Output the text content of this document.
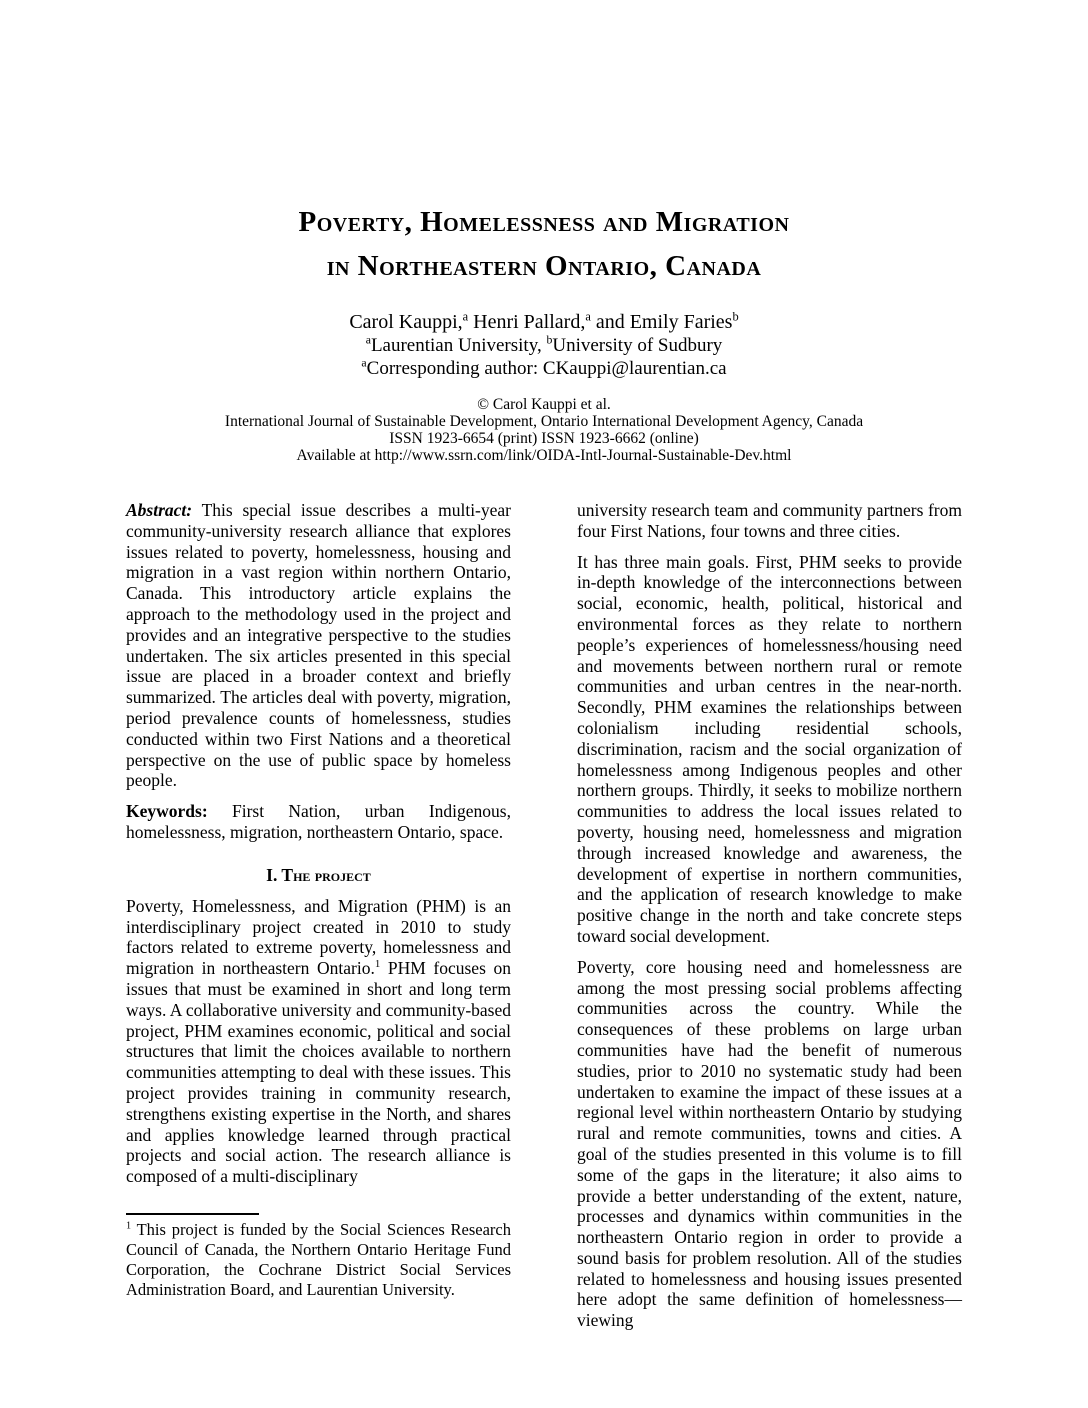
Poverty, Homelessness and Migration
in Northeastern Ontario, Canada
Carol Kauppi,$^a$ Henri Pallard,$^a$ and Emily Faries$^b$
$^a$Laurentian University, $^b$University of Sudbury
$^a$Corresponding author: CKauppi@laurentian.ca
© Carol Kauppi et al.
International Journal of Sustainable Development, Ontario International Development Agency, Canada
ISSN 1923-6654 (print) ISSN 1923-6662 (online)
Available at http://www.ssrn.com/link/OIDA-Intl-Journal-Sustainable-Dev.html

Abstract: This special issue describes a multi-year community-university research alliance that explores issues related to poverty, homelessness, housing and migration in a vast region within northern Ontario, Canada. This introductory article explains the approach to the methodology used in the project and provides and an integrative perspective to the studies undertaken. The six articles presented in this special issue are placed in a broader context and briefly summarized. The articles deal with poverty, migration, period prevalence counts of homelessness, studies conducted within two First Nations and a theoretical perspective on the use of public space by homeless people.

Keywords: First Nation, urban Indigenous, homelessness, migration, northeastern Ontario, space.

I. The project

Poverty, Homelessness, and Migration (PHM) is an interdisciplinary project created in 2010 to study factors related to extreme poverty, homelessness and migration in northeastern Ontario.$^1$ PHM focuses on issues that must be examined in short and long term ways. A collaborative university and community-based project, PHM examines economic, political and social structures that limit the choices available to northern communities attempting to deal with these issues. This project provides training in community research, strengthens existing expertise in the North, and shares and applies knowledge learned through practical projects and social action. The research alliance is composed of a multi-disciplinary

$^1$ This project is funded by the Social Sciences Research Council of Canada, the Northern Ontario Heritage Fund Corporation, the Cochrane District Social Services Administration Board, and Laurentian University.

university research team and community partners from four First Nations, four towns and three cities.

It has three main goals. First, PHM seeks to provide in-depth knowledge of the interconnections between social, economic, health, political, historical and environmental forces as they relate to northern people’s experiences of homelessness/housing need and movements between northern rural or remote communities and urban centres in the near-north. Secondly, PHM examines the relationships between colonialism including residential schools, discrimination, racism and the social organization of homelessness among Indigenous peoples and other northern groups. Thirdly, it seeks to mobilize northern communities to address the local issues related to poverty, housing need, homelessness and migration through increased knowledge and awareness, the development of expertise in northern communities, and the application of research knowledge to make positive change in the north and take concrete steps toward social development.

Poverty, core housing need and homelessness are among the most pressing social problems affecting communities across the country. While the consequences of these problems on large urban communities have had the benefit of numerous studies, prior to 2010 no systematic study had been undertaken to examine the impact of these issues at a regional level within northeastern Ontario by studying rural and remote communities, towns and cities. A goal of the studies presented in this volume is to fill some of the gaps in the literature; it also aims to provide a better understanding of the extent, nature, processes and dynamics within communities in the northeastern Ontario region in order to provide a sound basis for problem resolution. All of the studies related to homelessness and housing issues presented here adopt the same definition of homelessness—viewing
